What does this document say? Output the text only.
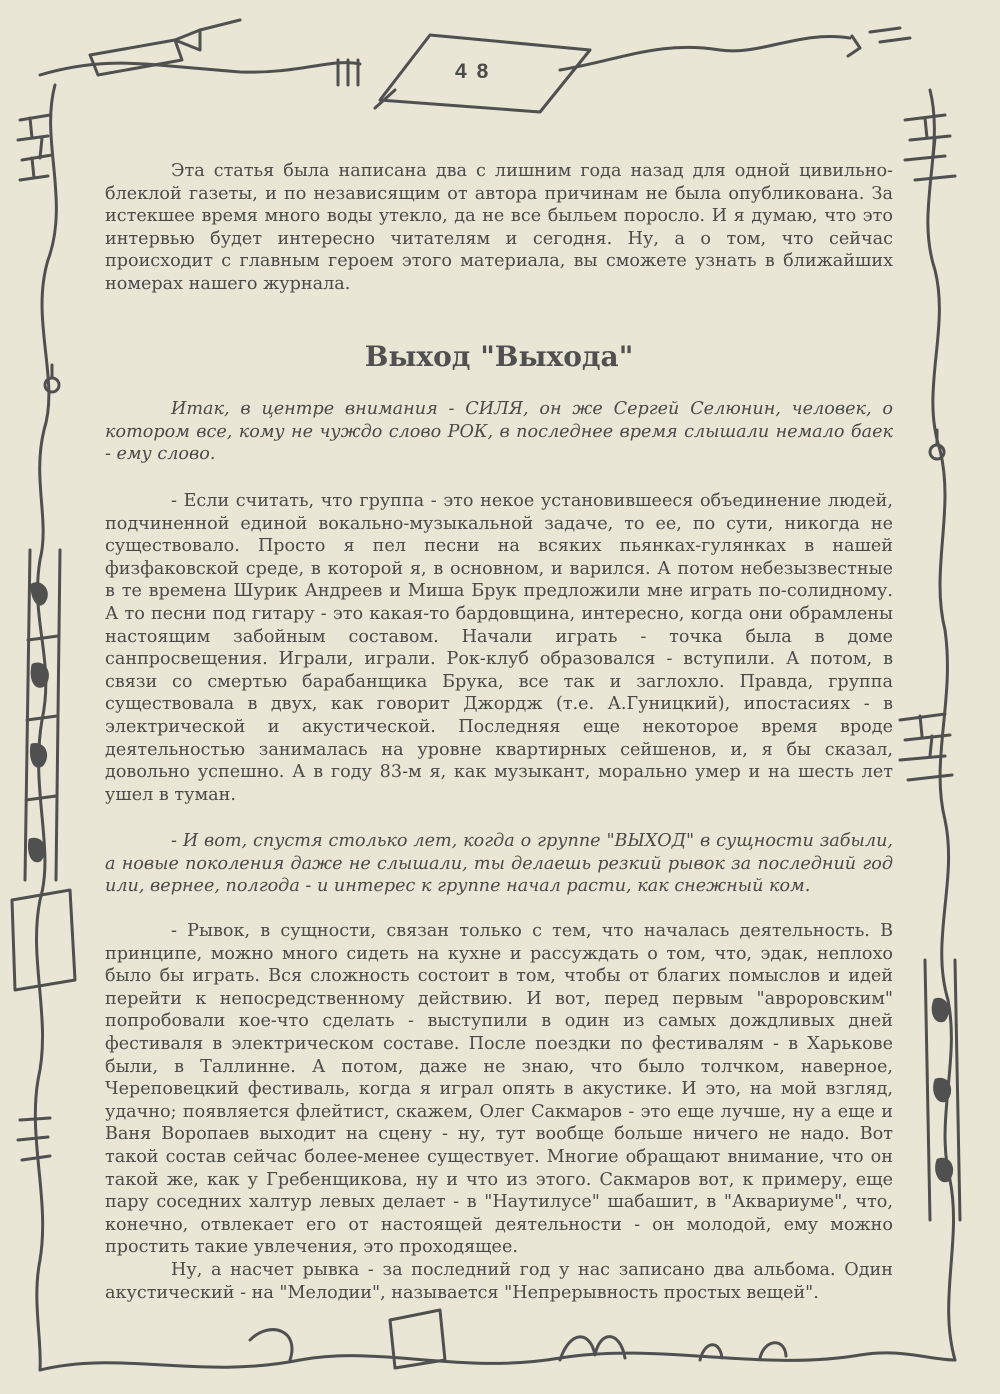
48

Эта статья была написана два с лишним года назад для одной цивильно-блеклой газеты, и по независящим от автора причинам не была опубликована. За истекшее время много воды утекло, да не все быльем поросло. И я думаю, что это интервью будет интересно читателям и сегодня. Ну, а о том, что сейчас происходит с главным героем этого материала, вы сможете узнать в ближайших номерах нашего журнала.

Выход "Выхода"

Итак, в центре внимания - СИЛЯ, он же Сергей Селюнин, человек, о котором все, кому не чуждо слово РОК, в последнее время слышали немало баек - ему слово.

- Если считать, что группа - это некое установившееся объединение людей, подчиненной единой вокально-музыкальной задаче, то ее, по сути, никогда не существовало. Просто я пел песни на всяких пьянках-гулянках в нашей физфаковской среде, в которой я, в основном, и варился. А потом небезызвестные в те времена Шурик Андреев и Миша Брук предложили мне играть по-солидному. А то песни под гитару - это какая-то бардовщина, интересно, когда они обрамлены настоящим забойным составом. Начали играть - точка была в доме санпросвещения. Играли, играли. Рок-клуб образовался - вступили. А потом, в связи со смертью барабанщика Брука, все так и заглохло. Правда, группа существовала в двух, как говорит Джордж (т.е. А.Гуницкий), ипостасиях - в электрической и акустической. Последняя еще некоторое время вроде деятельностью занималась на уровне квартирных сейшенов, и, я бы сказал, довольно успешно. А в году 83-м я, как музыкант, морально умер и на шесть лет ушел в туман.

- И вот, спустя столько лет, когда о группе "ВЫХОД" в сущности забыли, а новые поколения даже не слышали, ты делаешь резкий рывок за последний год или, вернее, полгода - и интерес к группе начал расти, как снежный ком.

- Рывок, в сущности, связан только с тем, что началась деятельность. В принципе, можно много сидеть на кухне и рассуждать о том, что, эдак, неплохо было бы играть. Вся сложность состоит в том, чтобы от благих помыслов и идей перейти к непосредственному действию. И вот, перед первым "авроровским" попробовали кое-что сделать - выступили в один из самых дождливых дней фестиваля в электрическом составе. После поездки по фестивалям - в Харькове были, в Таллинне. А потом, даже не знаю, что было толчком, наверное, Череповецкий фестиваль, когда я играл опять в акустике. И это, на мой взгляд, удачно; появляется флейтист, скажем, Олег Сакмаров - это еще лучше, ну а еще и Ваня Воропаев выходит на сцену - ну, тут вообще больше ничего не надо. Вот такой состав сейчас более-менее существует. Многие обращают внимание, что он такой же, как у Гребенщикова, ну и что из этого. Сакмаров вот, к примеру, еще пару соседних халтур левых делает - в "Наутилусе" шабашит, в "Аквариуме", что, конечно, отвлекает его от настоящей деятельности - он молодой, ему можно простить такие увлечения, это проходящее.

Ну, а насчет рывка - за последний год у нас записано два альбома. Один акустический - на "Мелодии", называется "Непрерывность простых вещей".
